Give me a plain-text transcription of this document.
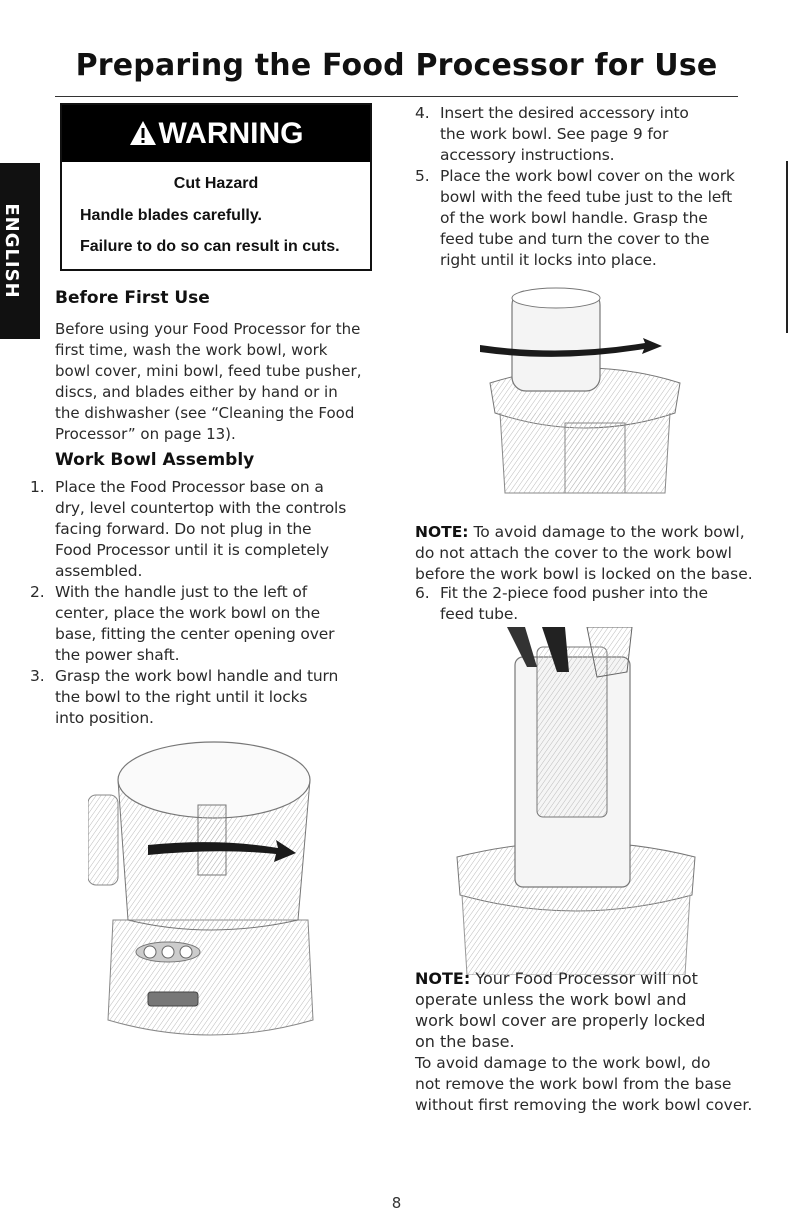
Preparing the Food Processor for Use
ENGLISH
WARNING
Cut Hazard
Handle blades carefully.
Failure to do so can result in cuts.
Before First Use
Before using your Food Processor for the
first time, wash the work bowl, work
bowl cover, mini bowl, feed tube pusher,
discs, and blades either by hand or in
the dishwasher (see “Cleaning the Food
Processor” on page 13).
Work Bowl Assembly
1. Place the Food Processor base on a
dry, level countertop with the controls
facing forward. Do not plug in the
Food Processor until it is completely
assembled.
2. With the handle just to the left of
center, place the work bowl on the
base, fitting the center opening over
the power shaft.
3. Grasp the work bowl handle and turn
the bowl to the right until it locks
into position.
4. Insert the desired accessory into
the work bowl. See page 9 for
accessory instructions.
5. Place the work bowl cover on the work
bowl with the feed tube just to the left
of the work bowl handle. Grasp the
feed tube and turn the cover to the
right until it locks into place.
NOTE: To avoid damage to the work bowl,
do not attach the cover to the work bowl
before the work bowl is locked on the base.
6. Fit the 2-piece food pusher into the
feed tube.
NOTE: Your Food Processor will not
operate unless the work bowl and
work bowl cover are properly locked
on the base.
To avoid damage to the work bowl, do
not remove the work bowl from the base
without first removing the work bowl cover.
8
